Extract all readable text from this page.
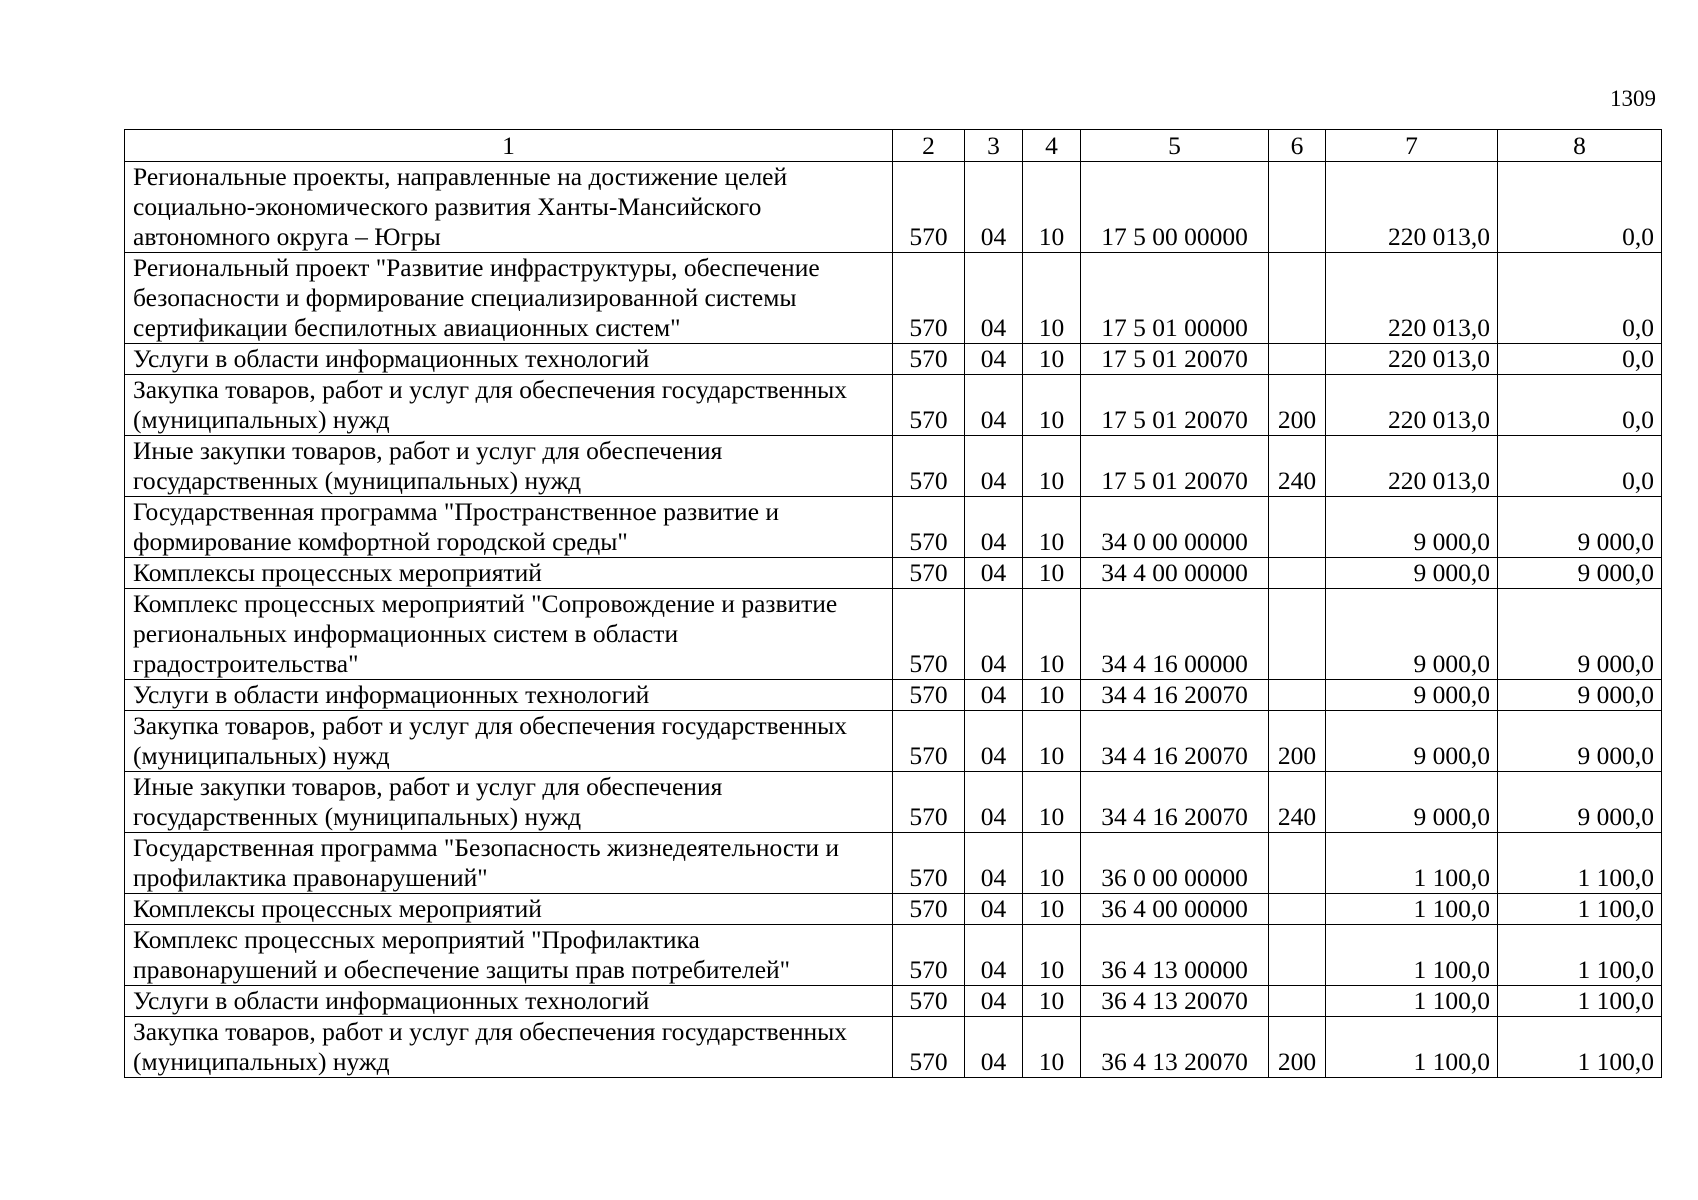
1309
1	2	3	4	5	6	7	8
Региональные проекты, направленные на достижение целей социально-экономического развития Ханты-Мансийского автономного округа – Югры	570	04	10	17 5 00 00000		220 013,0	0,0
Региональный проект "Развитие инфраструктуры, обеспечение безопасности и формирование специализированной системы сертификации беспилотных авиационных систем"	570	04	10	17 5 01 00000		220 013,0	0,0
Услуги в области информационных технологий	570	04	10	17 5 01 20070		220 013,0	0,0
Закупка товаров, работ и услуг для обеспечения государственных (муниципальных) нужд	570	04	10	17 5 01 20070	200	220 013,0	0,0
Иные закупки товаров, работ и услуг для обеспечения государственных (муниципальных) нужд	570	04	10	17 5 01 20070	240	220 013,0	0,0
Государственная программа "Пространственное развитие и формирование комфортной городской среды"	570	04	10	34 0 00 00000		9 000,0	9 000,0
Комплексы процессных мероприятий	570	04	10	34 4 00 00000		9 000,0	9 000,0
Комплекс процессных мероприятий "Сопровождение и развитие региональных информационных систем в области градостроительства"	570	04	10	34 4 16 00000		9 000,0	9 000,0
Услуги в области информационных технологий	570	04	10	34 4 16 20070		9 000,0	9 000,0
Закупка товаров, работ и услуг для обеспечения государственных (муниципальных) нужд	570	04	10	34 4 16 20070	200	9 000,0	9 000,0
Иные закупки товаров, работ и услуг для обеспечения государственных (муниципальных) нужд	570	04	10	34 4 16 20070	240	9 000,0	9 000,0
Государственная программа "Безопасность жизнедеятельности и профилактика правонарушений"	570	04	10	36 0 00 00000		1 100,0	1 100,0
Комплексы процессных мероприятий	570	04	10	36 4 00 00000		1 100,0	1 100,0
Комплекс процессных мероприятий "Профилактика правонарушений и обеспечение защиты прав потребителей"	570	04	10	36 4 13 00000		1 100,0	1 100,0
Услуги в области информационных технологий	570	04	10	36 4 13 20070		1 100,0	1 100,0
Закупка товаров, работ и услуг для обеспечения государственных (муниципальных) нужд	570	04	10	36 4 13 20070	200	1 100,0	1 100,0
